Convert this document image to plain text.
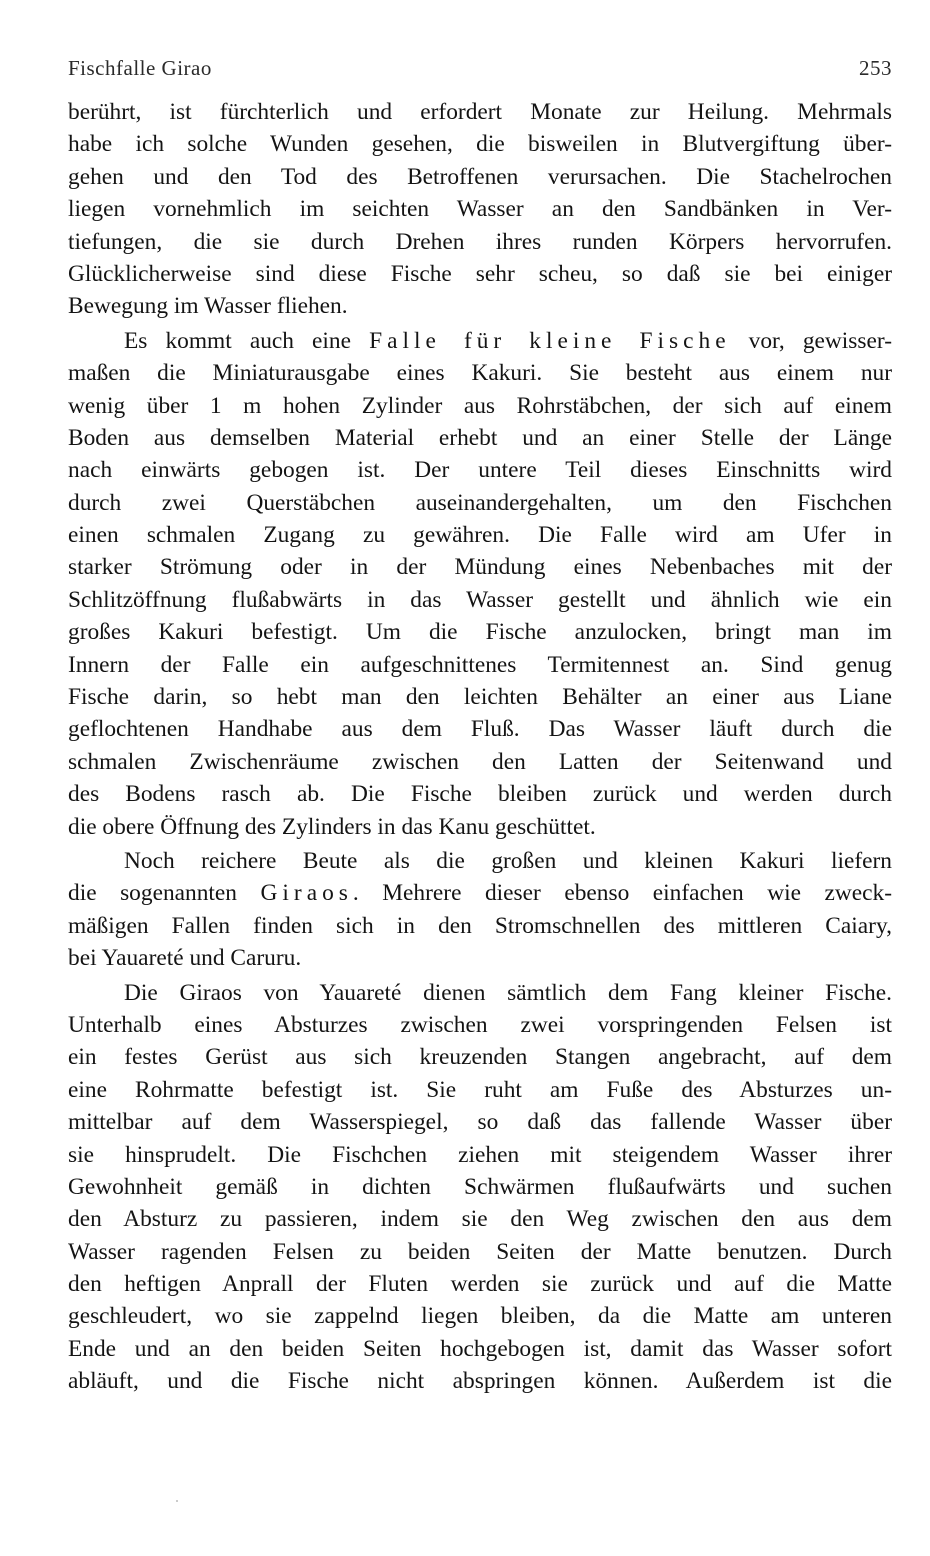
Fischfalle Girao	253
berührt, ist fürchterlich und erfordert Monate zur Heilung. Mehrmals
habe ich solche Wunden gesehen, die bisweilen in Blutvergiftung über-
gehen und den Tod des Betroffenen verursachen. Die Stachelrochen
liegen vornehmlich im seichten Wasser an den Sandbänken in Ver-
tiefungen, die sie durch Drehen ihres runden Körpers hervorrufen.
Glücklicherweise sind diese Fische sehr scheu, so daß sie bei einiger
Bewegung im Wasser fliehen.
Es kommt auch eine Falle für kleine Fische vor, gewisser-
maßen die Miniaturausgabe eines Kakuri. Sie besteht aus einem nur
wenig über 1 m hohen Zylinder aus Rohrstäbchen, der sich auf einem
Boden aus demselben Material erhebt und an einer Stelle der Länge
nach einwärts gebogen ist. Der untere Teil dieses Einschnitts wird
durch zwei Querstäbchen auseinandergehalten, um den Fischchen
einen schmalen Zugang zu gewähren. Die Falle wird am Ufer in
starker Strömung oder in der Mündung eines Nebenbaches mit der
Schlitzöffnung flußabwärts in das Wasser gestellt und ähnlich wie ein
großes Kakuri befestigt. Um die Fische anzulocken, bringt man im
Innern der Falle ein aufgeschnittenes Termitennest an. Sind genug
Fische darin, so hebt man den leichten Behälter an einer aus Liane
geflochtenen Handhabe aus dem Fluß. Das Wasser läuft durch die
schmalen Zwischenräume zwischen den Latten der Seitenwand und
des Bodens rasch ab. Die Fische bleiben zurück und werden durch
die obere Öffnung des Zylinders in das Kanu geschüttet.
Noch reichere Beute als die großen und kleinen Kakuri liefern
die sogenannten Giraos. Mehrere dieser ebenso einfachen wie zweck-
mäßigen Fallen finden sich in den Stromschnellen des mittleren Caiary,
bei Yauareté und Caruru.
Die Giraos von Yauareté dienen sämtlich dem Fang kleiner Fische.
Unterhalb eines Absturzes zwischen zwei vorspringenden Felsen ist
ein festes Gerüst aus sich kreuzenden Stangen angebracht, auf dem
eine Rohrmatte befestigt ist. Sie ruht am Fuße des Absturzes un-
mittelbar auf dem Wasserspiegel, so daß das fallende Wasser über
sie hinsprudelt. Die Fischchen ziehen mit steigendem Wasser ihrer
Gewohnheit gemäß in dichten Schwärmen flußaufwärts und suchen
den Absturz zu passieren, indem sie den Weg zwischen den aus dem
Wasser ragenden Felsen zu beiden Seiten der Matte benutzen. Durch
den heftigen Anprall der Fluten werden sie zurück und auf die Matte
geschleudert, wo sie zappelnd liegen bleiben, da die Matte am unteren
Ende und an den beiden Seiten hochgebogen ist, damit das Wasser sofort
abläuft, und die Fische nicht abspringen können. Außerdem ist die
